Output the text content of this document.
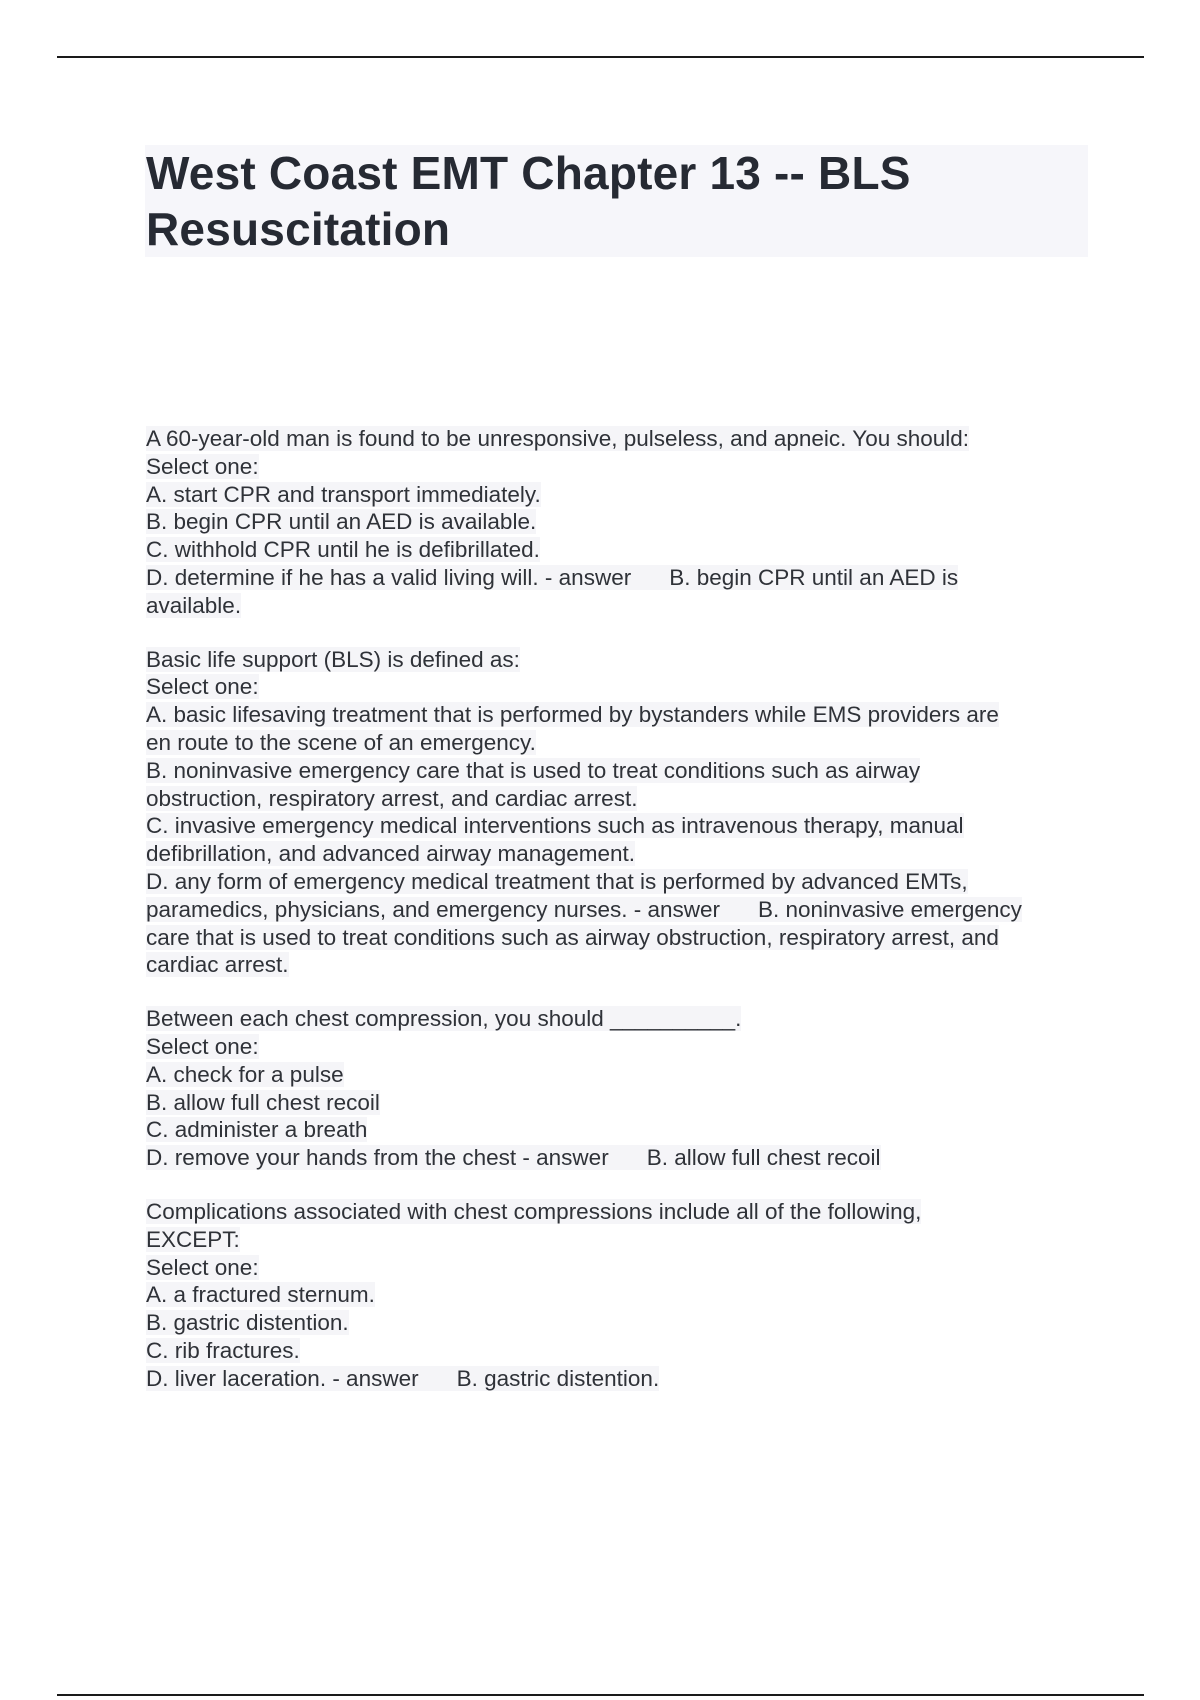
West Coast EMT Chapter 13 -- BLS Resuscitation
A 60-year-old man is found to be unresponsive, pulseless, and apneic. You should:
Select one:
A. start CPR and transport immediately.
B. begin CPR until an AED is available.
C. withhold CPR until he is defibrillated.
D. determine if he has a valid living will. - answer B. begin CPR until an AED is
available.
Basic life support (BLS) is defined as:
Select one:
A. basic lifesaving treatment that is performed by bystanders while EMS providers are
en route to the scene of an emergency.
B. noninvasive emergency care that is used to treat conditions such as airway
obstruction, respiratory arrest, and cardiac arrest.
C. invasive emergency medical interventions such as intravenous therapy, manual
defibrillation, and advanced airway management.
D. any form of emergency medical treatment that is performed by advanced EMTs,
paramedics, physicians, and emergency nurses. - answer B. noninvasive emergency
care that is used to treat conditions such as airway obstruction, respiratory arrest, and
cardiac arrest.
Between each chest compression, you should __________.
Select one:
A. check for a pulse
B. allow full chest recoil
C. administer a breath
D. remove your hands from the chest - answer B. allow full chest recoil
Complications associated with chest compressions include all of the following,
EXCEPT:
Select one:
A. a fractured sternum.
B. gastric distention.
C. rib fractures.
D. liver laceration. - answer B. gastric distention.
